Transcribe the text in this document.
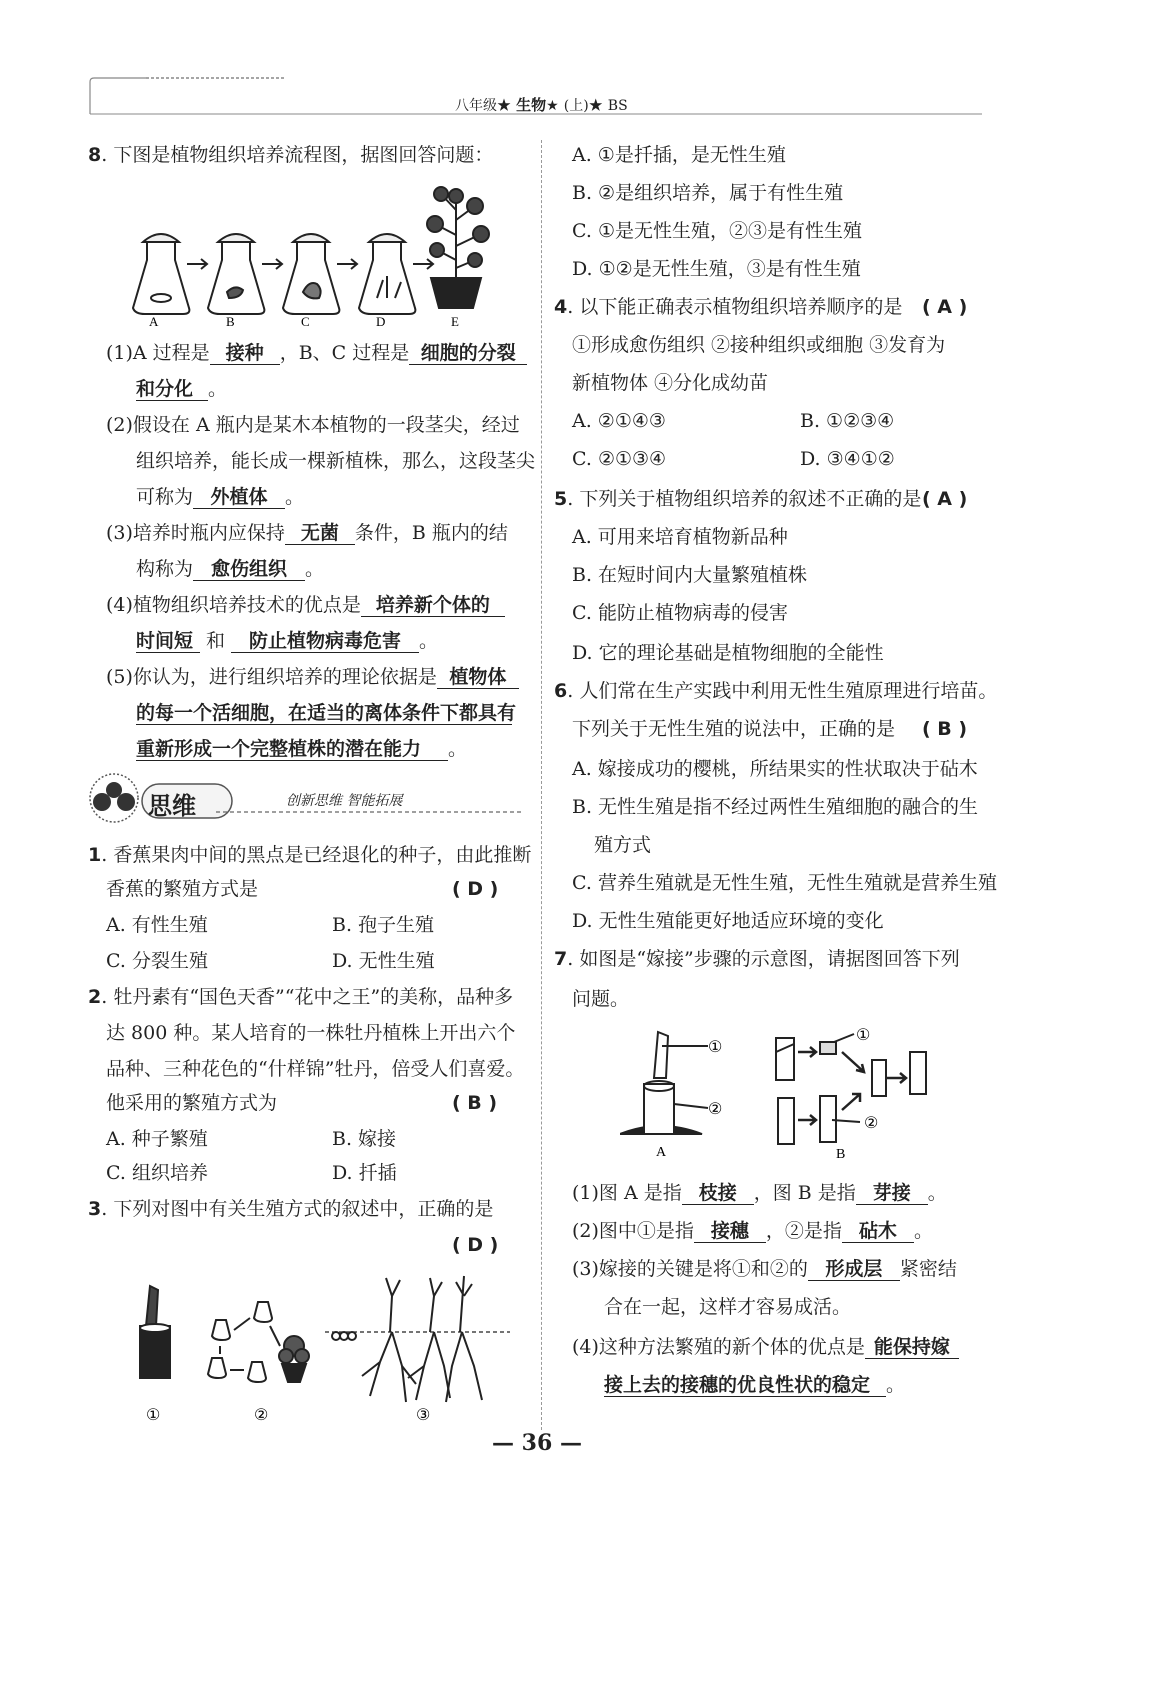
八年级★ 生物★ (上)★ BS
8. 下图是植物组织培养流程图，据图回答问题：
A	B	C	D	E
(1)A 过程是 接种 ，B、C 过程是 细胞的分裂
和分化 。
(2)假设在 A 瓶内是某木本植物的一段茎尖，经过
组织培养，能长成一棵新植株，那么，这段茎尖
可称为 外植体 。
(3)培养时瓶内应保持 无菌 条件，B 瓶内的结
构称为 愈伤组织 。
(4)植物组织培养技术的优点是 培养新个体的
时间短 和 防止植物病毒危害 。
(5)你认为，进行组织培养的理论依据是 植物体
的每一个活细胞，在适当的离体条件下都具有
重新形成一个完整植株的潜在能力 。
思维	创新思维 智能拓展
1. 香蕉果肉中间的黑点是已经退化的种子，由此推断
香蕉的繁殖方式是	( D )
A. 有性生殖	B. 孢子生殖
C. 分裂生殖	D. 无性生殖
2. 牡丹素有“国色天香”“花中之王”的美称，品种多
达 800 种。某人培育的一株牡丹植株上开出六个
品种、三种花色的“什样锦”牡丹，倍受人们喜爱。
他采用的繁殖方式为	( B )
A. 种子繁殖	B. 嫁接
C. 组织培养	D. 扦插
3. 下列对图中有关生殖方式的叙述中，正确的是
( D )
①	②	③
A. ①是扦插，是无性生殖
B. ②是组织培养，属于有性生殖
C. ①是无性生殖，②③是有性生殖
D. ①②是无性生殖，③是有性生殖
4. 以下能正确表示植物组织培养顺序的是 ( A )
①形成愈伤组织 ②接种组织或细胞 ③发育为
新植物体 ④分化成幼苗
A. ②①④③	B. ①②③④
C. ②①③④	D. ③④①②
5. 下列关于植物组织培养的叙述不正确的是 ( A )
A. 可用来培育植物新品种
B. 在短时间内大量繁殖植株
C. 能防止植物病毒的侵害
D. 它的理论基础是植物细胞的全能性
6. 人们常在生产实践中利用无性生殖原理进行培苗。
下列关于无性生殖的说法中，正确的是 ( B )
A. 嫁接成功的樱桃，所结果实的性状取决于砧木
B. 无性生殖是指不经过两性生殖细胞的融合的生
殖方式
C. 营养生殖就是无性生殖，无性生殖就是营养生殖
D. 无性生殖能更好地适应环境的变化
7. 如图是“嫁接”步骤的示意图，请据图回答下列
问题。
①
②
A	B
①
②
(1)图 A 是指 枝接 ，图 B 是指 芽接 。
(2)图中①是指 接穗 ，②是指 砧木 。
(3)嫁接的关键是将①和②的 形成层 紧密结
合在一起，这样才容易成活。
(4)这种方法繁殖的新个体的优点是 能保持嫁
接上去的接穗的优良性状的稳定 。
— 36 —
